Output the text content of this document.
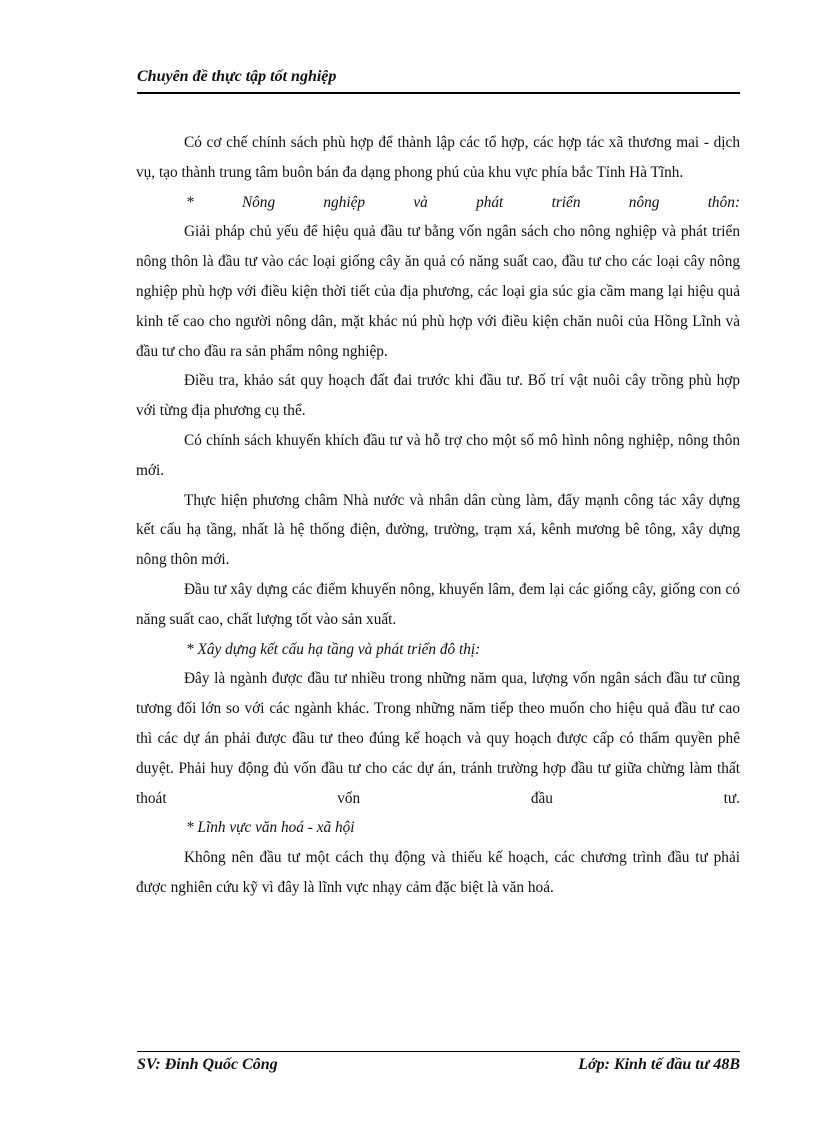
Chuyên đề thực tập tốt nghiệp

Có cơ chế chính sách phù hợp để thành lập các tổ hợp, các hợp tác xã thương mai - dịch vụ, tạo thành trung tâm buôn bán đa dạng phong phú của khu vực phía bắc Tỉnh Hà Tĩnh.

*	Nông	nghiệp	và	phát	triển	nông	thôn:

Giải pháp chủ yếu để hiệu quả đầu tư bằng vốn ngân sách cho nông nghiệp và phát triển nông thôn là đầu tư vào các loại giống cây ăn quả có năng suất cao, đầu tư cho các loại cây nông nghiệp phù hợp với điều kiện thời tiết của địa phương, các loại gia súc gia cầm mang lại hiệu quả kinh tế cao cho người nông dân, mặt khác nú phù hợp với điều kiện chăn nuôi của Hồng Lĩnh và đầu tư cho đầu ra sản phẩm nông nghiệp.

Điều tra, khảo sát quy hoạch đất đai trước khi đầu tư. Bố trí vật nuôi cây trồng phù hợp với từng địa phương cụ thể.

Có chính sách khuyến khích đầu tư và hỗ trợ cho một số mô hình nông nghiệp, nông thôn mới.

Thực hiện phương châm Nhà nước và nhân dân cùng làm, đẩy mạnh công tác xây dựng kết cấu hạ tầng, nhất là hệ thống điện, đường, trường, trạm xá, kênh mương bê tông, xây dựng nông thôn mới.

Đầu tư xây dựng các điểm khuyến nông, khuyến lâm, đem lại các giống cây, giống con có năng suất cao, chất lượng tốt vào sản xuất.

* Xây dựng kết cấu hạ tầng và phát triển đô thị:

Đây là ngành được đầu tư nhiều trong những năm qua, lượng vốn ngân sách đầu tư cũng tương đối lớn so với các ngành khác. Trong những năm tiếp theo muốn cho hiệu quả đầu tư cao thì các dự án phải được đầu tư theo đúng kế hoạch và quy hoạch được cấp có thẩm quyền phê duyệt. Phải huy động đủ vốn đầu tư cho các dự án, tránh trường hợp đầu tư giữa chừng làm thất thoát vốn đầu tư.

* Lĩnh vực văn hoá - xã hội

Không nên đầu tư một cách thụ động và thiếu kế hoạch, các chương trình đầu tư phải được nghiên cứu kỹ vì đây là lĩnh vực nhạy cảm đặc biệt là văn hoá.

SV: Đinh Quốc Công	Lớp: Kinh tế đầu tư 48B
